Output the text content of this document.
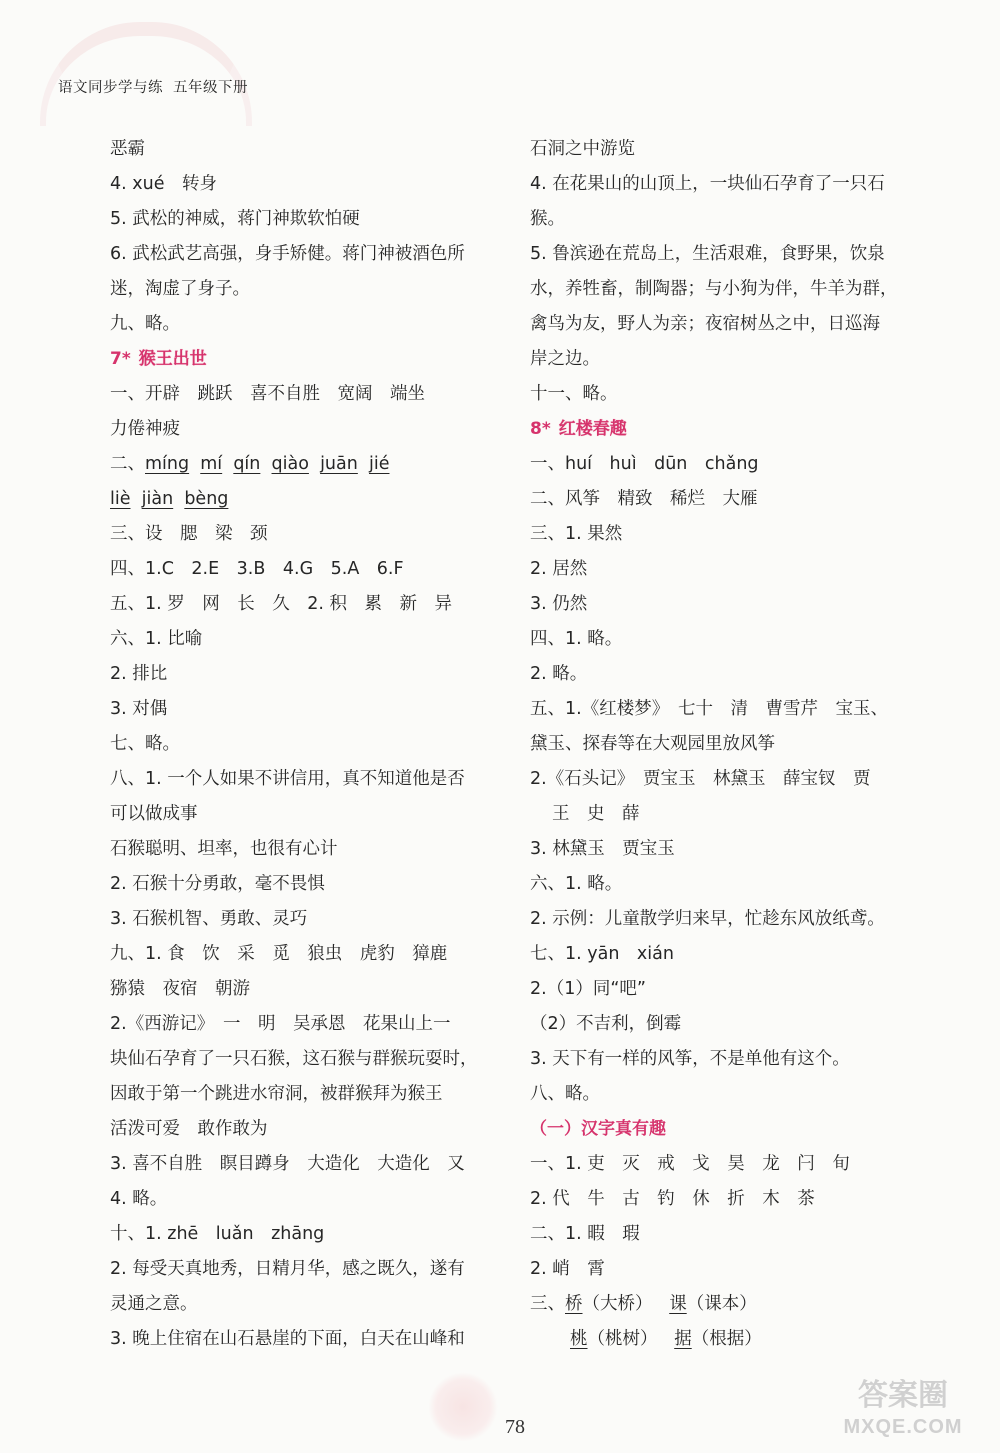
语文同步学与练 五年级下册
恶霸
4. xué　转身
5. 武松的神威，蒋门神欺软怕硬
6. 武松武艺高强，身手矫健。蒋门神被酒色所
迷，淘虚了身子。
九、略。
7* 猴王出世
一、开辟　跳跃　喜不自胜　宽阔　端坐
力倦神疲
二、míng mí qín qiào juān jié
liè jiàn bèng
三、设　腮　梁　颈
四、1.C　2.E　3.B　4.G　5.A　6.F
五、1. 罗　网　长　久　2. 积　累　新　异
六、1. 比喻
2. 排比
3. 对偶
七、略。
八、1. 一个人如果不讲信用，真不知道他是否
可以做成事
石猴聪明、坦率，也很有心计
2. 石猴十分勇敢，毫不畏惧
3. 石猴机智、勇敢、灵巧
九、1. 食　饮　采　觅　狼虫　虎豹　獐鹿
猕猿　夜宿　朝游
2.《西游记》　一　明　吴承恩　花果山上一
块仙石孕育了一只石猴，这石猴与群猴玩耍时，
因敢于第一个跳进水帘洞，被群猴拜为猴王
活泼可爱　敢作敢为
3. 喜不自胜　瞑目蹲身　大造化　大造化　又
4. 略。
十、1. zhē　luǎn　zhāng
2. 每受天真地秀，日精月华，感之既久，遂有
灵通之意。
3. 晚上住宿在山石悬崖的下面，白天在山峰和
石洞之中游览
4. 在花果山的山顶上，一块仙石孕育了一只石
猴。
5. 鲁滨逊在荒岛上，生活艰难，食野果，饮泉
水，养牲畜，制陶器；与小狗为伴，牛羊为群，
禽鸟为友，野人为亲；夜宿树丛之中，日巡海
岸之边。
十一、略。
8* 红楼春趣
一、huí　huì　dūn　chǎng
二、风筝　精致　稀烂　大雁
三、1. 果然
2. 居然
3. 仍然
四、1. 略。
2. 略。
五、1.《红楼梦》　七十　清　曹雪芹　宝玉、
黛玉、探春等在大观园里放风筝
2.《石头记》　贾宝玉　林黛玉　薛宝钗　贾
王　史　薛
3. 林黛玉　贾宝玉
六、1. 略。
2. 示例：儿童散学归来早，忙趁东风放纸鸢。
七、1. yān　xián
2.（1）同“吧”
（2）不吉利，倒霉
3. 天下有一样的风筝，不是单他有这个。
八、略。
（一）汉字真有趣
一、1. 吏　灭　戒　戈　昊　龙　闩　旬
2. 代　牛　古　钓　休　折　木　茶
二、1. 暇　瑕
2. 峭　霄
三、桥（大桥） 课（课本）
桃（桃树） 据（根据）
78
答案圈
MXQE.COM
